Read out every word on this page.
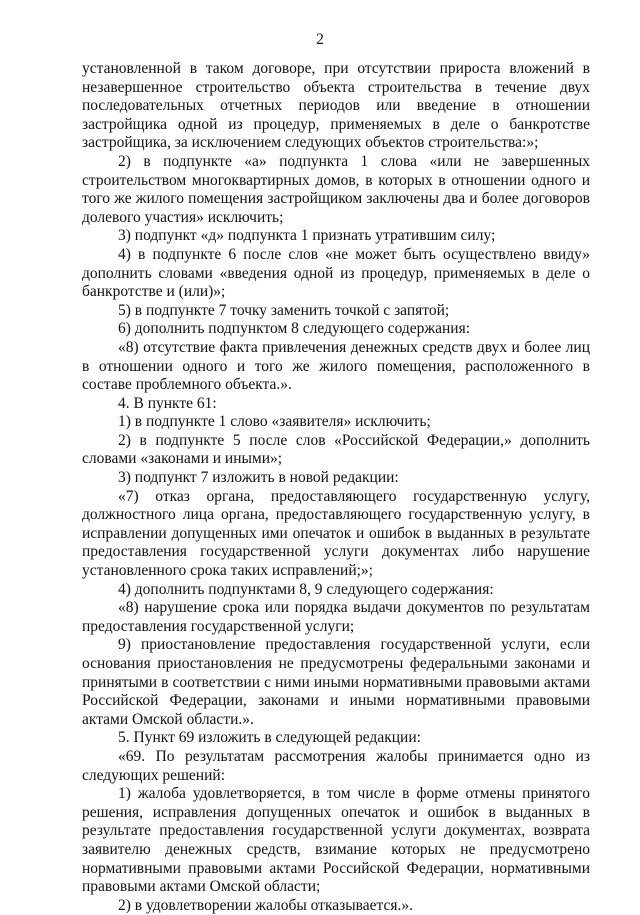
2

установленной в таком договоре, при отсутствии прироста вложений в незавершенное строительство объекта строительства в течение двух последовательных отчетных периодов или введение в отношении застройщика одной из процедур, применяемых в деле о банкротстве застройщика, за исключением следующих объектов строительства:»;

2) в подпункте «а» подпункта 1 слова «или не завершенных строительством многоквартирных домов, в которых в отношении одного и того же жилого помещения застройщиком заключены два и более договоров долевого участия» исключить;

3) подпункт «д» подпункта 1 признать утратившим силу;

4) в подпункте 6 после слов «не может быть осуществлено ввиду» дополнить словами «введения одной из процедур, применяемых в деле о банкротстве и (или)»;

5) в подпункте 7 точку заменить точкой с запятой;

6) дополнить подпунктом 8 следующего содержания:

«8) отсутствие факта привлечения денежных средств двух и более лиц в отношении одного и того же жилого помещения, расположенного в составе проблемного объекта.».

4. В пункте 61:

1) в подпункте 1 слово «заявителя» исключить;

2) в подпункте 5 после слов «Российской Федерации,» дополнить словами «законами и иными»;

3) подпункт 7 изложить в новой редакции:

«7) отказ органа, предоставляющего государственную услугу, должностного лица органа, предоставляющего государственную услугу, в исправлении допущенных ими опечаток и ошибок в выданных в результате предоставления государственной услуги документах либо нарушение установленного срока таких исправлений;»;

4) дополнить подпунктами 8, 9 следующего содержания:

«8) нарушение срока или порядка выдачи документов по результатам предоставления государственной услуги;

9) приостановление предоставления государственной услуги, если основания приостановления не предусмотрены федеральными законами и принятыми в соответствии с ними иными нормативными правовыми актами Российской Федерации, законами и иными нормативными правовыми актами Омской области.».

5. Пункт 69 изложить в следующей редакции:

«69. По результатам рассмотрения жалобы принимается одно из следующих решений:

1) жалоба удовлетворяется, в том числе в форме отмены принятого решения, исправления допущенных опечаток и ошибок в выданных в результате предоставления государственной услуги документах, возврата заявителю денежных средств, взимание которых не предусмотрено нормативными правовыми актами Российской Федерации, нормативными правовыми актами Омской области;

2) в удовлетворении жалобы отказывается.».
